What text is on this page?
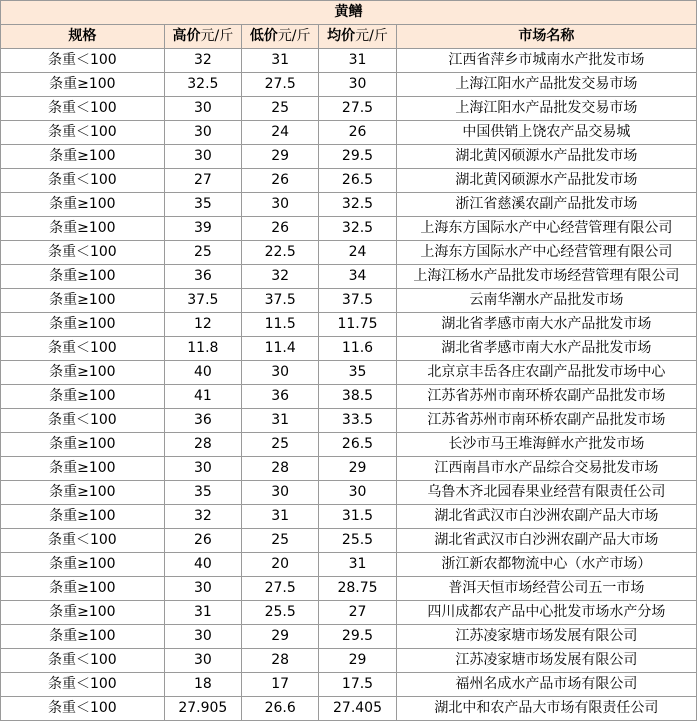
黄鳝				
规格	高价元/斤	低价元/斤	均价元/斤	市场名称
条重＜100	32	31	31	江西省萍乡市城南水产批发市场
条重≥100	32.5	27.5	30	上海江阳水产品批发交易市场
条重＜100	30	25	27.5	上海江阳水产品批发交易市场
条重＜100	30	24	26	中国供销上饶农产品交易城
条重≥100	30	29	29.5	湖北黄冈硕源水产品批发市场
条重＜100	27	26	26.5	湖北黄冈硕源水产品批发市场
条重≥100	35	30	32.5	浙江省慈溪农副产品批发市场
条重≥100	39	26	32.5	上海东方国际水产中心经营管理有限公司
条重＜100	25	22.5	24	上海东方国际水产中心经营管理有限公司
条重≥100	36	32	34	上海江杨水产品批发市场经营管理有限公司
条重≥100	37.5	37.5	37.5	云南华潮水产品批发市场
条重≥100	12	11.5	11.75	湖北省孝感市南大水产品批发市场
条重＜100	11.8	11.4	11.6	湖北省孝感市南大水产品批发市场
条重≥100	40	30	35	北京京丰岳各庄农副产品批发市场中心
条重≥100	41	36	38.5	江苏省苏州市南环桥农副产品批发市场
条重＜100	36	31	33.5	江苏省苏州市南环桥农副产品批发市场
条重≥100	28	25	26.5	长沙市马王堆海鲜水产批发市场
条重≥100	30	28	29	江西南昌市水产品综合交易批发市场
条重≥100	35	30	30	乌鲁木齐北园春果业经营有限责任公司
条重≥100	32	31	31.5	湖北省武汉市白沙洲农副产品大市场
条重＜100	26	25	25.5	湖北省武汉市白沙洲农副产品大市场
条重≥100	40	20	31	浙江新农都物流中心（水产市场）
条重≥100	30	27.5	28.75	普洱天恒市场经营公司五一市场
条重≥100	31	25.5	27	四川成都农产品中心批发市场水产分场
条重≥100	30	29	29.5	江苏凌家塘市场发展有限公司
条重＜100	30	28	29	江苏凌家塘市场发展有限公司
条重＜100	18	17	17.5	福州名成水产品市场有限公司
条重＜100	27.905	26.6	27.405	湖北中和农产品大市场有限责任公司
